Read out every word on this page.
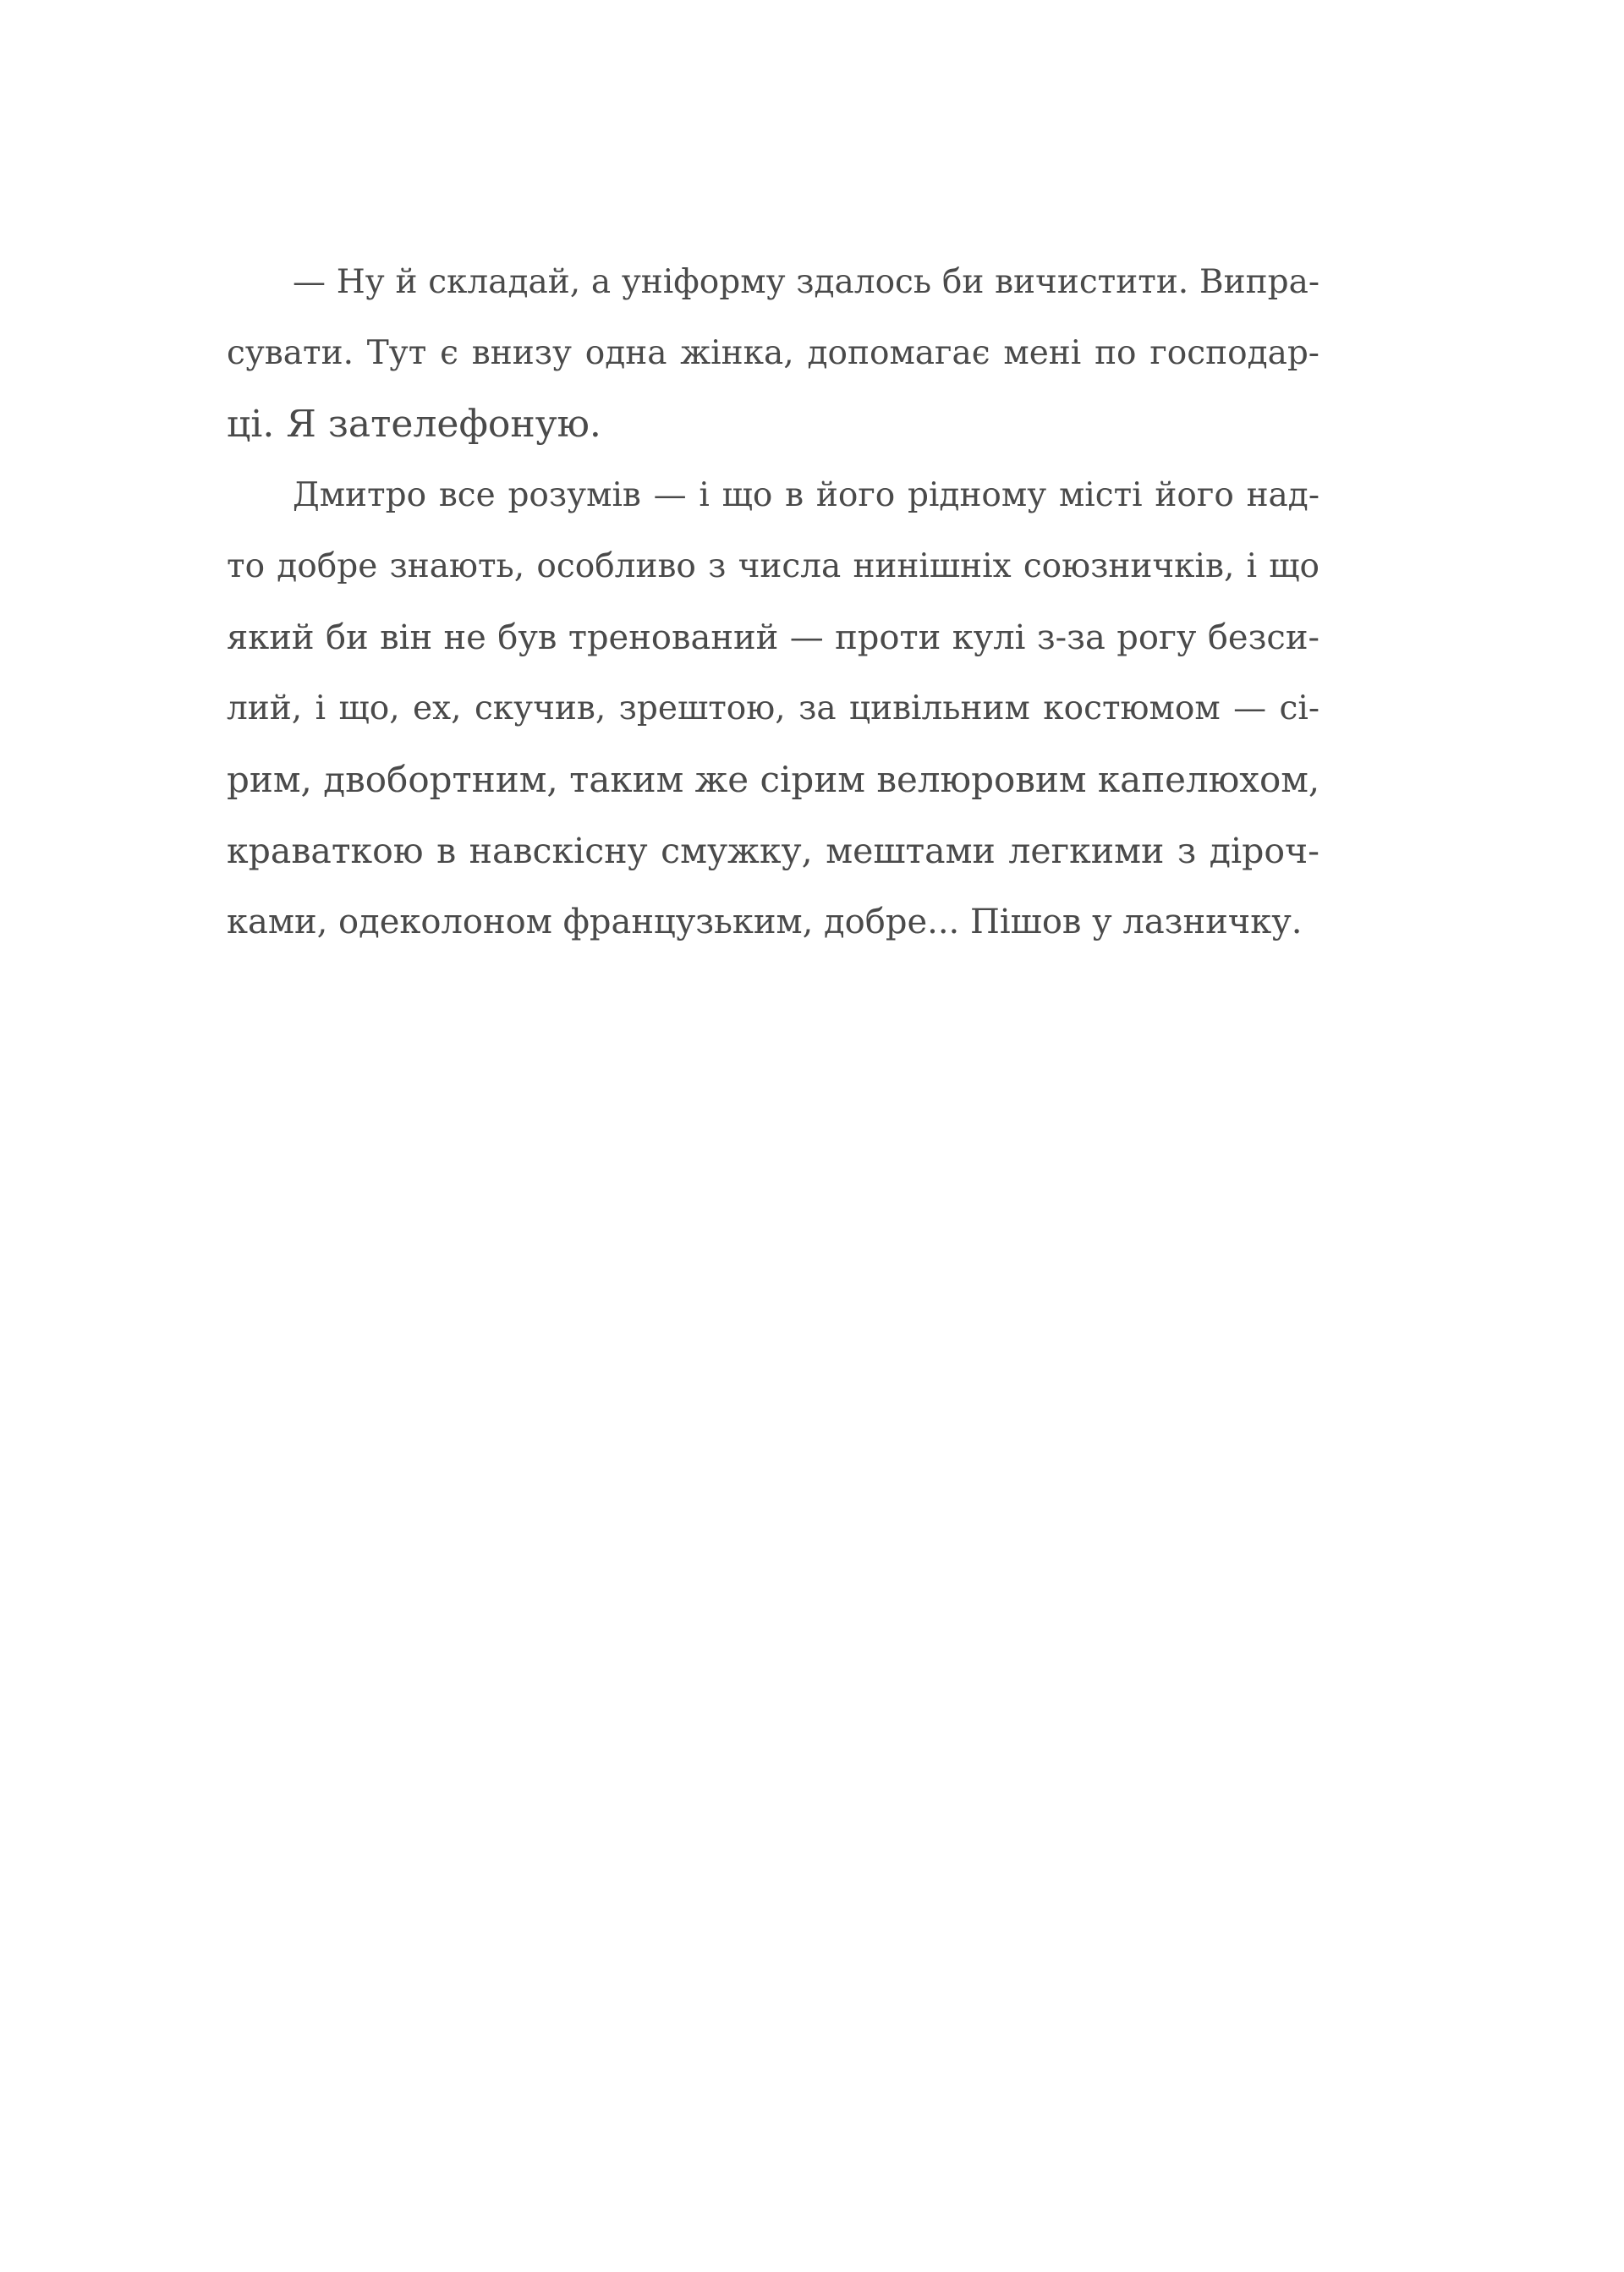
— Ну й складай, а уніформу здалось би вичистити. Випра-
сувати. Тут є внизу одна жінка, допомагає мені по господар-
ці. Я зателефоную.
Дмитро все розумів — і що в його рідному місті його над-
то добре знають, особливо з числа нинішніх союзничків, і що
який би він не був тренований — проти кулі з-за рогу безси-
лий, і що, ех, скучив, зрештою, за цивільним костюмом — сі-
рим, двобортним, таким же сірим велюровим капелюхом,
краваткою в навскісну смужку, мештами легкими з діроч-
ками, одеколоном французьким, добре... Пішов у лазничку.
